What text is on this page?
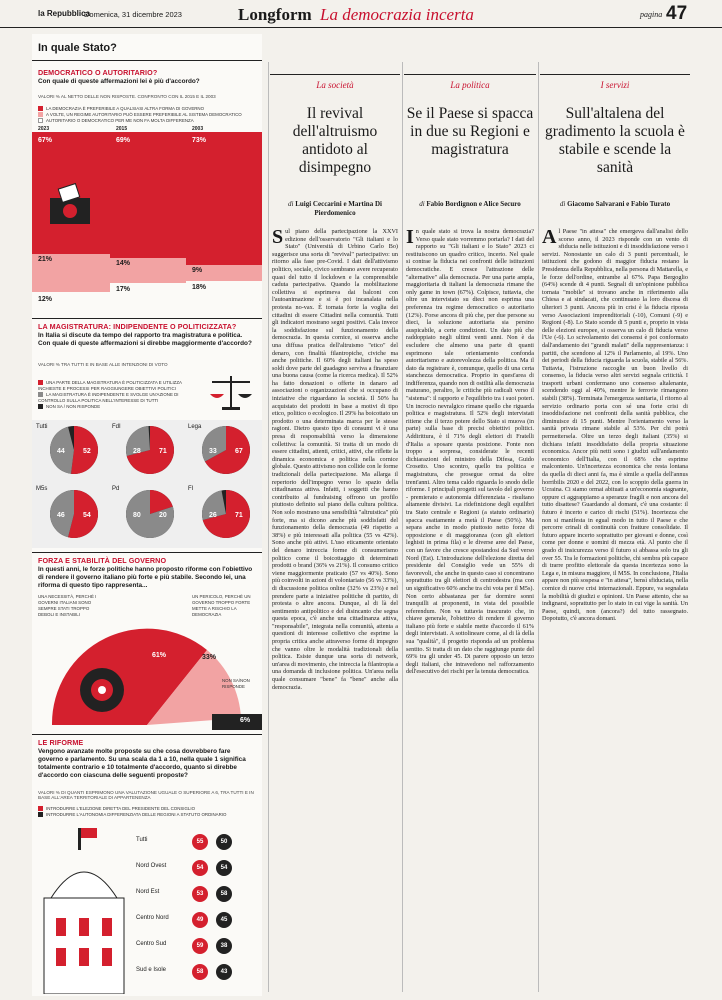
la Repubblica
Domenica, 31 dicembre 2023	Longform La democrazia incerta	pagina 47
In quale Stato?
DEMOCRATICO O AUTORITARIO?
Con quale di queste affermazioni lei è più d'accordo?
VALORI % AL NETTO DELLE NON RISPOSTE. CONFRONTO CON IL 2015 E IL 2003
LA DEMOCRAZIA È PREFERIBILE A QUALSIASI ALTRA FORMA DI GOVERNO
A VOLTE, UN REGIME AUTORITARIO PUÒ ESSERE PREFERIBILE AL SISTEMA DEMOCRATICO
AUTORITARIO O DEMOCRATICO PER ME NON FA MOLTA DIFFERENZA
2023	2015	2003
67%	69%	73%
21%
14%
9%
12%
17%	18%
LA MAGISTRATURA: INDIPENDENTE O POLITICIZZATA?
In Italia si discute da tempo del rapporto tra magistratura e politica. Con quale di queste affermazioni si direbbe maggiormente d'accordo?
VALORI % TRA TUTTI E IN BASE ALLE INTENZIONI DI VOTO
UNA PARTE DELLA MAGISTRATURA È POLITICIZZATA E UTILIZZA INCHIESTE E PROCESSI PER RAGGIUNGERE OBIETTIVI POLITICI
LA MAGISTRATURA È INDIPENDENTE E SVOLGE UN'AZIONE DI CONTROLLO SULLA POLITICA NELL'INTERESSE DI TUTTI
NON SA / NON RISPONDE
52
44	71
28	67
33
54
46	20
80	71
26
Tutti	FdI	Lega
M5s	Pd	FI
FORZA E STABILITÀ DEL GOVERNO
In questi anni, le forze politiche hanno proposto riforme con l'obiettivo di rendere il governo italiano più forte e più stabile. Secondo lei, una riforma di questo tipo rappresenta...
UNA NECESSITÀ, PERCHÉ I GOVERNI ITALIANI SONO SEMPRE STATI TROPPO DEBOLI E INSTABILI
UN PERICOLO, PERCHÉ UN GOVERNO TROPPO FORTE METTE A RISCHIO LA DEMOCRAZIA
NON SA/NON RISPONDE
61%	33%
6%
LE RIFORME
Vengono avanzate molte proposte su che cosa dovrebbero fare governo e parlamento. Su una scala da 1 a 10, nella quale 1 significa totalmente contrario e 10 totalmente d'accordo, quanto si direbbe d'accordo con ciascuna delle seguenti proposte?
VALORI % DI QUANTI ESPRIMONO UNA VALUTAZIONE UGUALE O SUPERIORE A 6, TRA TUTTI E IN BASE ALL'AREA TERRITORIALE DI APPARTENENZA
INTRODURRE L'ELEZIONE DIRETTA DEL PRESIDENTE DEL CONSIGLIO
INTRODURRE L'AUTONOMIA DIFFERENZIATA DELLE REGIONI A STATUTO ORDINARIO
Tutti	55	50
Nord Ovest	54	54
Nord Est	53	58
Centro Nord	49	45
Centro Sud	59	38
Sud e Isole	58	43
La società
Il revival dell'altruismo antidoto al disimpegno
di Luigi Ceccarini e Martina Di Pierdomenico
Sul piano della partecipazione la XXVI edizione dell'osservatorio "Gli italiani e lo Stato" (Università di Urbino Carlo Bo) suggerisce una sorta di "revival" partecipativo: un ritorno alla fase pre-Covid. I dati dell'attivismo politico, sociale, civico sembrano avere recuperato quasi del tutto il lockdown e la comprensibile caduta partecipativa. Quando la mobilitazione collettiva si esprimeva dai balconi con l'autoanimazione e si è poi incanalata nella protesta no-vax. È tornata forte la voglia dei cittadini di essere Cittadini nella comunità. Tutti gli indicatori mostrano segni positivi. Cala invece la soddisfazione sul funzionamento della democrazia. In questa cornice, si osserva anche una diffusa pratica dell'altruismo "etico" del denaro, con finalità filantropiche, civiche ma anche politiche. Il 60% degli italiani ha speso soldi dove parte del guadagno serviva a finanziare una buona causa (come la ricerca medica). Il 52% ha fatto donazioni o offerte in danaro ad associazioni o organizzazioni che si occupano di iniziative che riguardano la società. Il 50% ha acquistato dei prodotti in base a motivi di tipo etico, politico o ecologico. Il 29% ha boicottato un prodotto o una determinata marca per le stesse ragioni. Dietro questo tipo di consumi vi è una presa di responsabilità verso la dimensione collettiva: la comunità. Si tratta di un modo di essere cittadini, attenti, critici, attivi, che riflette la dinamica economica e politica nella cornice globale. Questo attivismo non collide con le forme tradizionali della partecipazione. Ma allarga il repertorio dell'impegno verso lo spazio della cittadinanza attiva. Infatti, i soggetti che hanno contribuito al fundraising offrono un profilo piuttosto definito sul piano della cultura politica. Non solo mostrano una sensibilità "altruistica" più forte, ma si dicono anche più soddisfatti del funzionamento della democrazia (49 rispetto a 38%) e più interessati alla politica (55 vs 42%). Sono anche più attivi. L'uso eticamente orientato del denaro intreccia forme di consumerismo politico come il boicottaggio di determinati prodotti o brand (36% vs 21%). Il consumo critico viene maggiormente praticato (57 vs 40%). Sono più coinvolti in azioni di volontariato (56 vs 33%), di discussione politica online (32% vs 23%) e nel prendere parte a iniziative politiche di partito, di protesta o altre ancora. Dunque, al di là del sentimento antipolitico e del disincanto che segna questa epoca, c'è anche una cittadinanza attiva, "responsabile", integrata nella comunità, attenta a questioni di interesse collettivo che esprime la propria critica anche attraverso forme di impegno che vanno oltre le modalità tradizionali della politica. Esiste dunque una sorta di network, un'area di movimento, che intreccia la filantropia a una domanda di inclusione politica. Un'area nella quale consumare "bene" fa "bene" anche alla democrazia.
La politica
Se il Paese si spacca in due su Regioni e magistratura
di Fabio Bordignon e Alice Securo
In quale stato si trova la nostra democrazia? Verso quale stato vorremmo portarla? I dati del rapporto su "Gli italiani e lo Stato" 2023 ci restituiscono un quadro critico, incerto. Nel quale si contrae la fiducia nei confronti delle istituzioni democratiche. E cresce l'attrazione delle "alternative" alla democrazia. Per una parte ampia, maggioritaria di italiani la democrazia rimane the only game in town (67%). Colpisce, tuttavia, che oltre un intervistato su dieci non esprima una preferenza tra regime democratico o autoritario (12%). Forse ancora di più che, per due persone su dieci, la soluzione autoritaria sia persino auspicabile, a certe condizioni. Un dato più che raddoppiato negli ultimi venti anni. Non è da escludere che almeno una parte di quanti esprimono tale orientamento confonda autoritarismo e autorevolezza della politica. Ma il dato da registrare è, comunque, quello di una certa stanchezza democratica. Proprio in quest'area di indifferenza, quando non di ostilità alla democrazia maturano, peraltro, le critiche più radicali verso il "sistema": il rapporto e l'equilibrio tra i suoi poteri. Un incrocio nevralgico rimane quello che riguarda politica e magistratura. Il 52% degli intervistati ritiene che il terzo potere dello Stato si muova (in parte) sulla base di precisi obiettivi politici. Addirittura, è il 71% degli elettori di Fratelli d'Italia a sposare questa posizione. Fonte non troppo a sorpresa, considerate le recenti dichiarazioni del ministro della Difesa, Guido Crosetto. Uno scontro, quello tra politica e magistratura, che prosegue ormai da oltre trent'anni. Altro tema caldo riguarda lo snodo delle riforme. I principali progetti sul tavolo del governo - premierato e autonomia differenziata - risultano altamente divisivi. La ridefinizione degli equilibri tra Stato centrale e Regioni (a statuto ordinario) spacca esattamente a metà il Paese (50%). Ma separa anche in modo piuttosto netto forze di opposizione e di maggioranza (con gli elettori leghisti in prima fila) e le diverse aree del Paese, con un favore che cresce spostandosi da Sud verso Nord (Est). L'introduzione dell'elezione diretta del presidente del Consiglio vede un 55% di favorevoli, che anche in questo caso si concentrano soprattutto tra gli elettori di centrodestra (ma con un significativo 60% anche tra chi vota per il M5s). Non certo abbastanza per far dormire sonni tranquilli ai proponenti, in vista del possibile referendum. Non va tuttavia trascurato che, in chiave generale, l'obiettivo di rendere il governo italiano più forte e stabile mette d'accordo il 61% degli intervistati. A sottolineare come, al di là della sua "qualità", il progetto risponda ad un problema sentito. Si tratta di un dato che raggiunge punte del 69% tra gli under 45. Di parere opposto un terzo degli italiani, che intravedono nel rafforzamento dell'esecutivo dei rischi per la tenuta democratica.
I servizi
Sull'altalena del gradimento la scuola è stabile e scende la sanità
di Giacomo Salvarani e Fabio Turato
Al Paese "in attesa" che emergeva dall'analisi dello scorso anno, il 2023 risponde con un vento di sfiducia nelle istituzioni e di insoddisfazione verso i servizi. Nonostante un calo di 3 punti percentuali, le istituzioni che godono di maggior fiducia restano la Presidenza della Repubblica, nella persona di Mattarella, e le forze dell'ordine, entrambe al 67%. Papa Bergoglio (64%) scende di 4 punti. Segnali di un'opinione pubblica tornata "mobile" si trovano anche in riferimento alla Chiesa e ai sindacati, che continuano la loro discesa di ulteriori 3 punti. Ancora più in crisi è la fiducia riposta verso Associazioni imprenditoriali (-10), Comuni (-9) e Regioni (-8). Lo Stato scende di 5 punti e, proprio in vista delle elezioni europee, si osserva un calo di fiducia verso l'Ue (-6). Lo scivolamento dei consensi è poi conformato dall'andamento dei "grandi malati" della rappresentanza: i partiti, che scendono al 12% il Parlamento, al 19%. Uno dei periodi della fiducia riguarda la scuola, stabile al 56%. Tuttavia, l'istruzione raccoglie un buon livello di consenso, la fiducia verso altri servizi segnala criticità. I trasporti urbani confermano uno consenso altalenante, scendendo oggi al 40%, mentre le ferrovie rimangono stabili (38%). Terminata l'emergenza sanitaria, il ritorno al servizio ordinario porta con sé una forte crisi di insoddisfazione nei confronti della sanità pubblica, che diminuisce di 15 punti. Mentre l'orientamento verso la sanità privata rimane stabile al 53%. Per chi potrà permettersela. Oltre un terzo degli italiani (35%) si dichiara infatti insoddisfatto della propria situazione economica. Ancor più netti sono i giudizi sull'andamento economico dell'Italia, con il 68% che esprime malcontento. Un'incertezza economica che resta lontana da quella di dieci anni fa, ma è simile a quella dell'annus horribilis 2020 e del 2022, con lo scoppio della guerra in Ucraina. Ci siamo ormai abituati a un'economia stagnante, oppure ci aggrappiamo a speranze fragili e non ancora del tutto disattese? Guardando al domani, c'è una costante: il futuro è incerto e carico di rischi (51%). Incertezza che non si manifesta in egual modo in tutto il Paese e che percorre crinali di continuità con fratture consolidate. Il futuro appare incerto soprattutto per giovani e donne, così come per donne e uomini di mezza età. Al punto che il grado di insicurezza verso il futuro si abbassa solo tra gli over 55. Tra le formazioni politiche, chi sembra più capace di trarre profitto elettorale da questa incertezza sono la Lega e, in misura maggiore, il M5S. In conclusione, l'Italia appare non più sospesa e "in attesa", bensì sfiduciata, nella cornice di nuove crisi internazionali. Eppure, va segnalata la mobilità di giudizi e opinioni. Un Paese attento, che sa indignarsi, soprattutto per lo stato in cui vige la sanità. Un Paese, quindi, non (ancora?) del tutto rassegnato. Dopotutto, c'è ancora domani.
